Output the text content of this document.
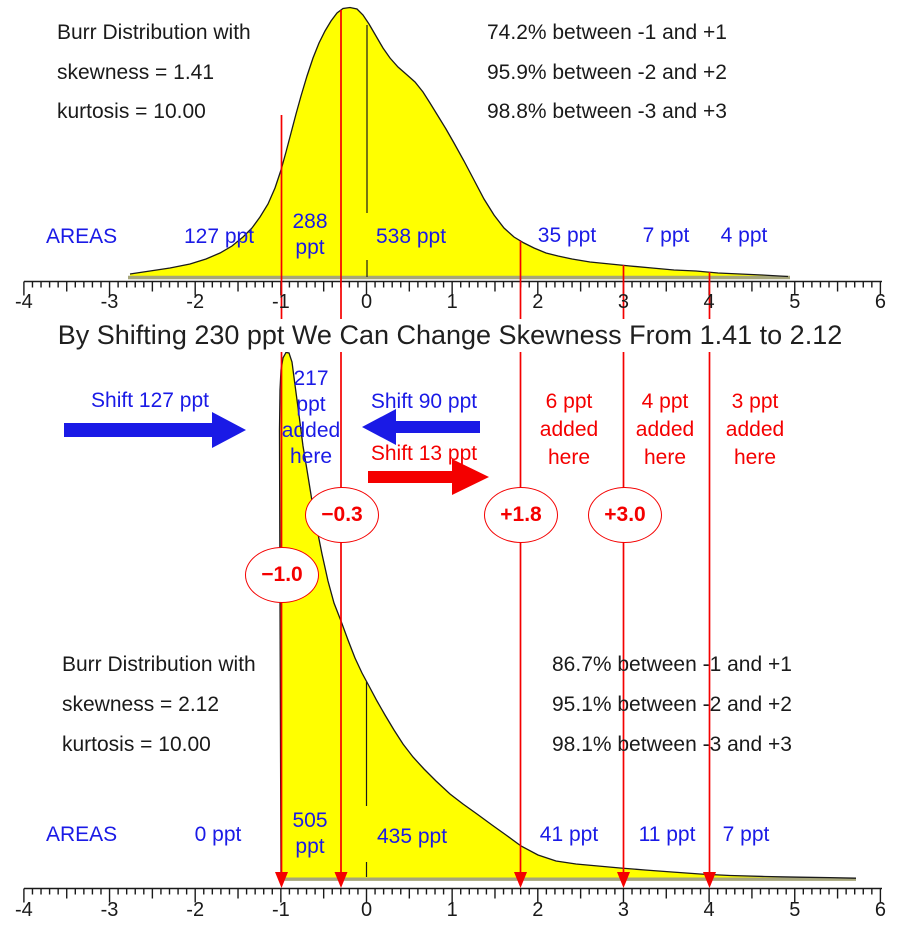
Burr Distribution with
skewness = 1.41
kurtosis = 10.00
74.2% between -1 and +1
95.9% between -2 and +2
98.8% between -3 and +3
AREAS	127 ppt
288
ppt 538 ppt	35 ppt 7 ppt 4 ppt
-4	-3	-2	-1	0	1	2	3	4	5	6
By Shifting 230 ppt We Can Change Skewness From 1.41 to 2.12
Shift 127 ppt
217
ppt
added
here
Shift 90 ppt
Shift 13 ppt
6 ppt
added
here
4 ppt
added
here
3 ppt
added
here
−0.3	+1.8	+3.0
−1.0
Burr Distribution with
skewness = 2.12
kurtosis = 10.00
86.7% between -1 and +1
95.1% between -2 and +2
98.1% between -3 and +3
AREAS	0 ppt
505
ppt 435 ppt	41 ppt 11 ppt 7 ppt
-4	-3	-2	-1	0	1	2	3	4	5	6
